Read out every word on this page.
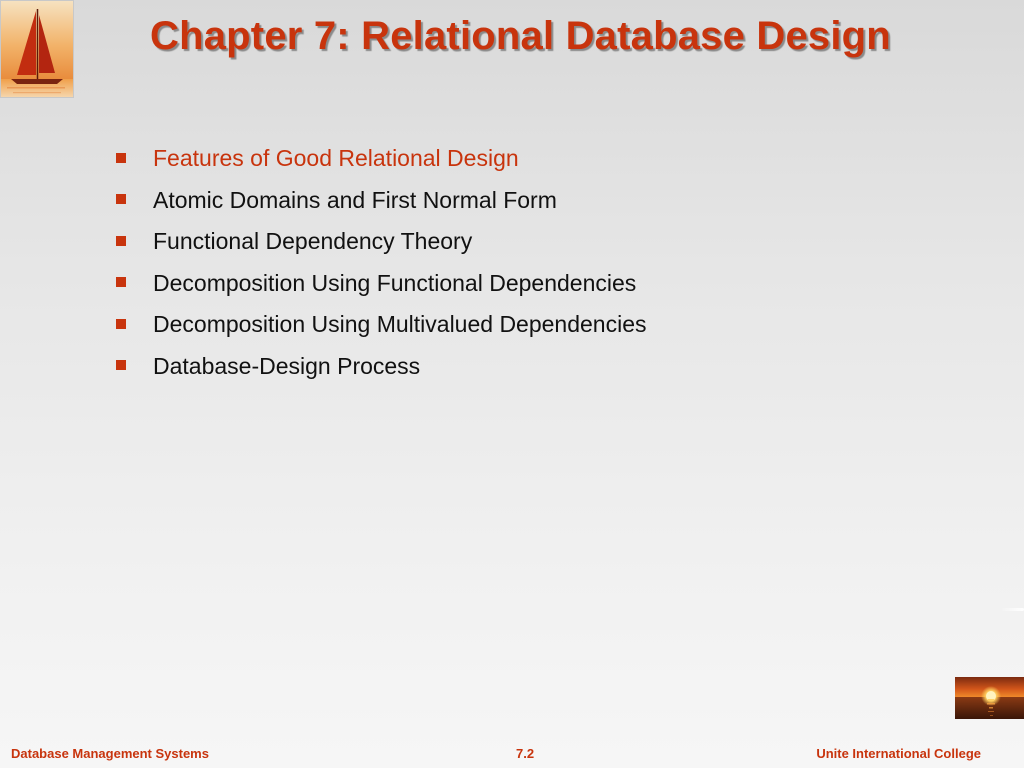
Chapter 7: Relational Database Design
Features of Good Relational Design
Atomic Domains and First Normal Form
Functional Dependency Theory
Decomposition Using Functional Dependencies
Decomposition Using Multivalued Dependencies
Database-Design Process
Database Management Systems	7.2	Unite International College
